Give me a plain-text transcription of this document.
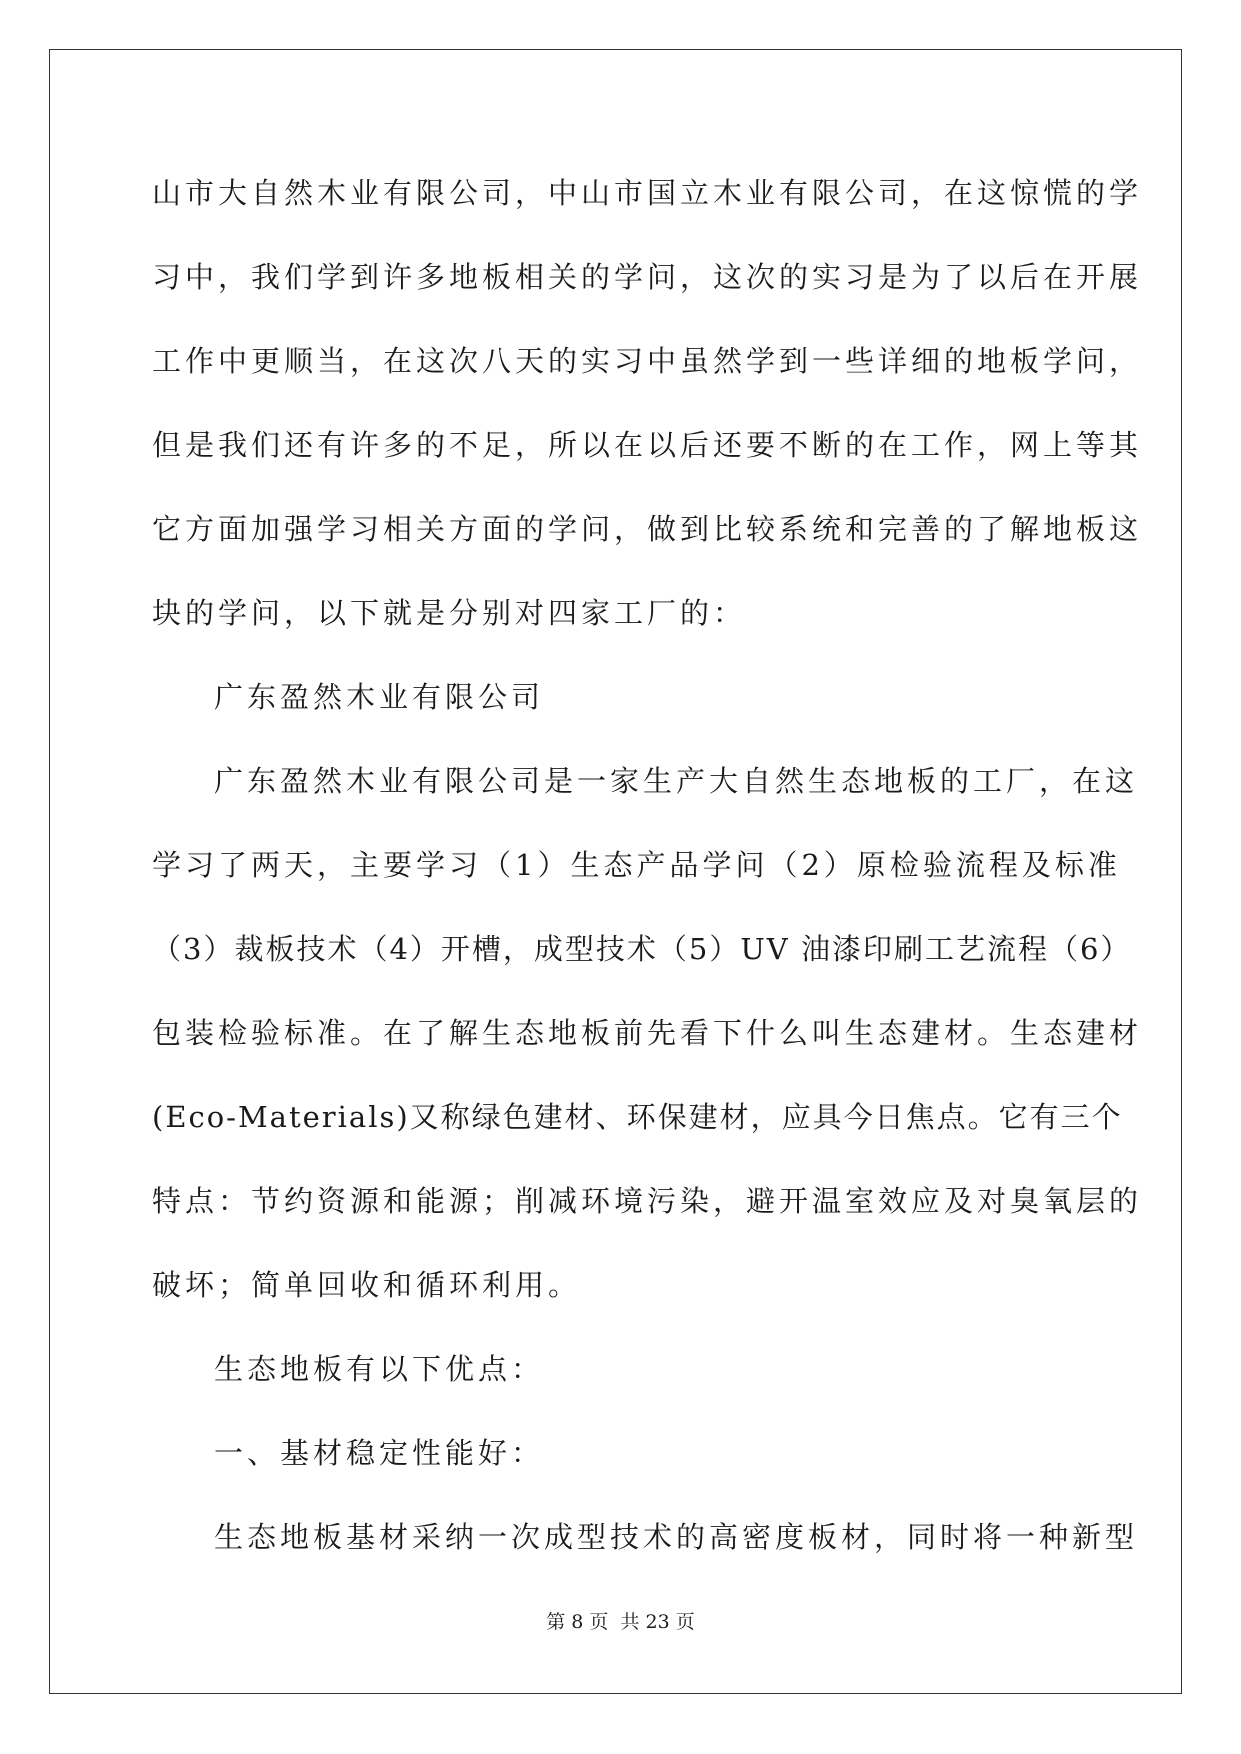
山市大自然木业有限公司，中山市国立木业有限公司，在这惊慌的学
习中，我们学到许多地板相关的学问，这次的实习是为了以后在开展
工作中更顺当，在这次八天的实习中虽然学到一些详细的地板学问，
但是我们还有许多的不足，所以在以后还要不断的在工作，网上等其
它方面加强学习相关方面的学问，做到比较系统和完善的了解地板这
块的学问，以下就是分别对四家工厂的：
广东盈然木业有限公司
广东盈然木业有限公司是一家生产大自然生态地板的工厂，在这
学习了两天，主要学习（1）生态产品学问（2）原检验流程及标准
（3）裁板技术（4）开槽，成型技术（5）UV 油漆印刷工艺流程（6）
包装检验标准。在了解生态地板前先看下什么叫生态建材。生态建材
(Eco-Materials)又称绿色建材、环保建材，应具今日焦点。它有三个
特点：节约资源和能源；削减环境污染，避开温室效应及对臭氧层的
破坏；简单回收和循环利用。
生态地板有以下优点：
一、基材稳定性能好：
生态地板基材采纳一次成型技术的高密度板材，同时将一种新型
第 8 页 共 23 页
